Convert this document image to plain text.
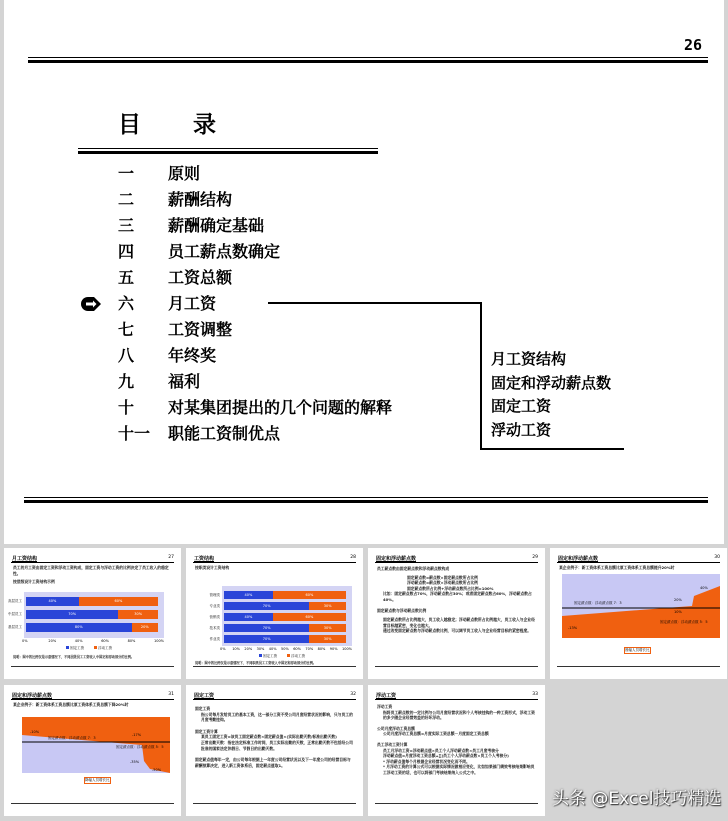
26
目 录
一	原则
二	薪酬结构
三	薪酬确定基础
四	员工薪点数确定
五	工资总额
六	月工资
七	工资调整
八	年终奖
九	福利
十	对某集团提出的几个问题的解释
十一	职能工资制优点
月工资结构
固定和浮动薪点数
固定工资
浮动工资
月工资结构	27
员工的月工资由固定工资和浮动工资构成，固定工资与浮动工资的比例决定了员工收入的稳定性。
按层级设计工资结构示例
40%	60%
高层员工
70%	30%
中层员工
80%	20%
基层员工
0%	20%	40%	60%	80%	100%
固定工资	浮动工资
说明：图中的比例仅是示意情况下，不同层级员工工资收入中固定和浮动部分的比例。
工资结构	28
按职类设计工资结构
40%	60%
管理类
70%	30%
专业类
40%	60%
营销类
70%	30%
技术类
70%	30%
作业类
0% 10% 20% 30% 40% 50% 60% 70% 80% 90% 100%
固定工资	浮动工资
说明：图中的比例仅是示意情况下，不同职类员工工资收入中固定和浮动部分的比例。
固定和浮动薪点数	29
员工薪点数由固定薪点数和浮动薪点数构成
固定薪点数=薪点数×固定薪点数所占比例
浮动薪点数=薪点数×浮动薪点数所占比例
固定薪点数所占比例+浮动薪点数所占比例=100%
比如：固定薪点数占70%，浮动薪点数占30%；或者固定薪点数占60%，浮动薪点数占40%。
固定薪点数与浮动薪点数比例
固定薪点数所占比例越大，员工收入越稳定；浮动薪点数所占比例越大，员工收入与企业经营目标越紧密，变化也越大。
通过改变固定薪点数与浮动薪点数比例，可以调节员工收入与企业经营目标的紧密程度。
固定和浮动薪点数	30
某企业例子：新工资体系工资总额比原工资体系工资总额提升20%时
固定薪点数：浮动薪点数 7：3
固定薪点数：浮动薪点数 5：5
40%
20%
10%
-13%
涨幅人员增长比
固定和浮动薪点数	31
某企业例子：新工资体系工资总额比原工资体系工资总额下降20%时
固定薪点数：浮动薪点数 7：3
固定薪点数：浮动薪点数 5：5
-10%
-17%
-35%
-50%
降幅人员增长比
固定工资	32
固定工资
指公司每月发给员工的基本工资，这一部分工资不受公司月度经营状况的影响，只与员工的月度考勤挂钩。
固定工资计算
某员工固定工资=该员工固定薪点数×固定薪点值×(实际出勤天数/标准出勤天数)
正常出勤天数：指在法定标准工作时间，员工实际出勤的天数，正常出勤天数不包括经公司批准的国家法定休假日、节假日的出勤天数。
固定薪点值每年一定，由公司每年根据上一年度公司经营状况以及下一年度公司的经营目标与薪酬预算决定，进入新工资体系后，固定薪点值取1。
浮动工资	33
浮动工资
指将员工薪点数的一定比例与公司月度经营状况和个人考核挂钩的一种工资形式，浮动工资的多少随企业经营效益的好坏浮动。
公司月度浮动工资总额
公司月度浮动工资总额=月度实际工资总额－月度固定工资总额
员工浮动工资计算
员工月浮动工资=浮动薪点值×员工个人浮动薪点数×员工月度考核分
浮动薪点值=月度浮动工资总额÷∑(员工个人浮动薪点数×员工个人考核分)
* 浮动薪点值每个月根据企业经营状况变化而不同。
* 月浮动工资的计算公式可以根据实际情况做相应变化，比如如果部门绩效考核结果影响员工浮动工资的话，也可以将部门考核结果纳入公式之中。
头条 @Excel技巧精选
